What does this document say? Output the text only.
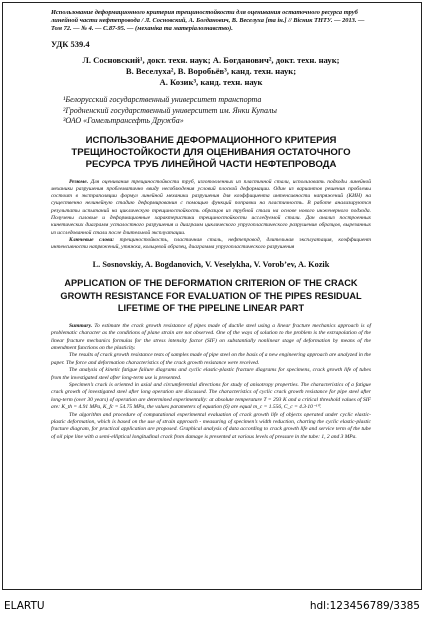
Использование деформационного критерия трещиностойкости для оценивания остаточного ресурса труб линейной части нефтепровода / Л. Сосновский, А. Богданович, В. Веселуха [та ін.] // Вісник ТНТУ. — 2013. — Том 72. — № 4. — С.87-95. — (механіка та матеріалознавство).
УДК 539.4
Л. Сосновский¹, докт. техн. наук; А. Богданович², докт. техн. наук;
В. Веселуха², В. Воробьёв³, канд. техн. наук;
А. Козик³, канд. техн. наук
¹Белорусский государственный университет транспорта
²Гродненский государственный университет им. Янки Купалы
³ОАО «Гомельтрансефть Дружба»
ИСПОЛЬЗОВАНИЕ ДЕФОРМАЦИОННОГО КРИТЕРИЯ ТРЕЩИНОСТОЙКОСТИ ДЛЯ ОЦЕНИВАНИЯ ОСТАТОЧНОГО РЕСУРСА ТРУБ ЛИНЕЙНОЙ ЧАСТИ НЕФТЕПРОВОДА
Резюме. Для оценивания трещиностойкости труб, изготовленных из пластичной стали, использовать подходы линейной механики разрушения проблематично ввиду несоблюдения условий плоской деформации. Один из вариантов решения проблемы состоит в экстраполяции формул линейной механики разрушения для коэффициента интенсивности напряжений (КИН) на существенно нелинейную стадию деформирования с помощью функций поправки на пластичность. В работе анализируются результаты испытаний на циклическую трещиностойкость образцов из трубной стали на основе нового инженерного подхода. Получены силовые и деформационные характеристики трещиностойкости исследуемой стали. Дан анализ построенных кинетических диаграмм усталостного разрушения и диаграмм циклического упругопластического разрушения образцов, вырезанных из исследованной стали после длительной эксплуатации.
Ключевые слова: трещиностойкость, пластичная сталь, нефтепровод, длительная эксплуатация, коэффициент интенсивности напряжений, утяжка, кольцевой образец, диаграмма упругопластического разрушения
L. Sosnovskiy, A. Bogdanovich, V. Veselykha, V. Vorob’ev, A. Kozik
APPLICATION OF THE DEFORMATION CRITERION OF THE CRACK GROWTH RESISTANCE FOR EVALUATION OF THE PIPES RESIDUAL LIFETIME OF THE PIPELINE LINEAR PART

Summary. To estimate the crack growth resistance of pipes made of ductile steel using a linear fracture mechanics approach is of problematic character as the conditions of plane strain are not observed. One of the ways of solution to the problem is the extrapolation of the linear fracture mechanics formulas for the stress intensity factor (SIF) on substantially nonlinear stage of deformation by means of the amendment functions on the plasticity.

The results of crack growth resistance tests of samples made of pipe steel on the basis of a new engineering approach are analyzed in the paper. The force and deformation characteristics of the crack growth resistance were received.

The analysis of kinetic fatigue failure diagrams and cyclic elastic-plastic fracture diagrams for specimens, crack growth life of tubes from the investigated steel after long-term use is presented.

Specimen’s crack is oriented in axial and circumferential directions for study of anisotropy properties. The characteristics of a fatigue crack growth of investigated steel after long operation are discussed. The characteristics of cyclic crack growth resistance for pipe steel after long-term (over 30 years) of operation are determined experimentally: at absolute temperature T = 293 K and a critical threshold values of SIF are: K_th = 4.91 MPa, K_fc = 54.75 MPa, the values parameters of equation (6) are equal m_c = 1.556, C_c = 4.3·10⁻¹⁰.

The algorithm and procedure of computational experimental evaluation of crack growth life of objects operated under cyclic elastic-plastic deformation, which is based on the use of strain approach - measuring of specimen’s width reduction, charting the cyclic elastic-plastic fracture diagram, for practical application are proposed. Graphical analysis of data according to crack growth life and service term of the tube of oil pipe line with a semi-elliptical longitudinal crack from damage is presented at various levels of pressure in the tube: 1, 2 and 3 MPa.

ELARTU	hdl:123456789/3385
